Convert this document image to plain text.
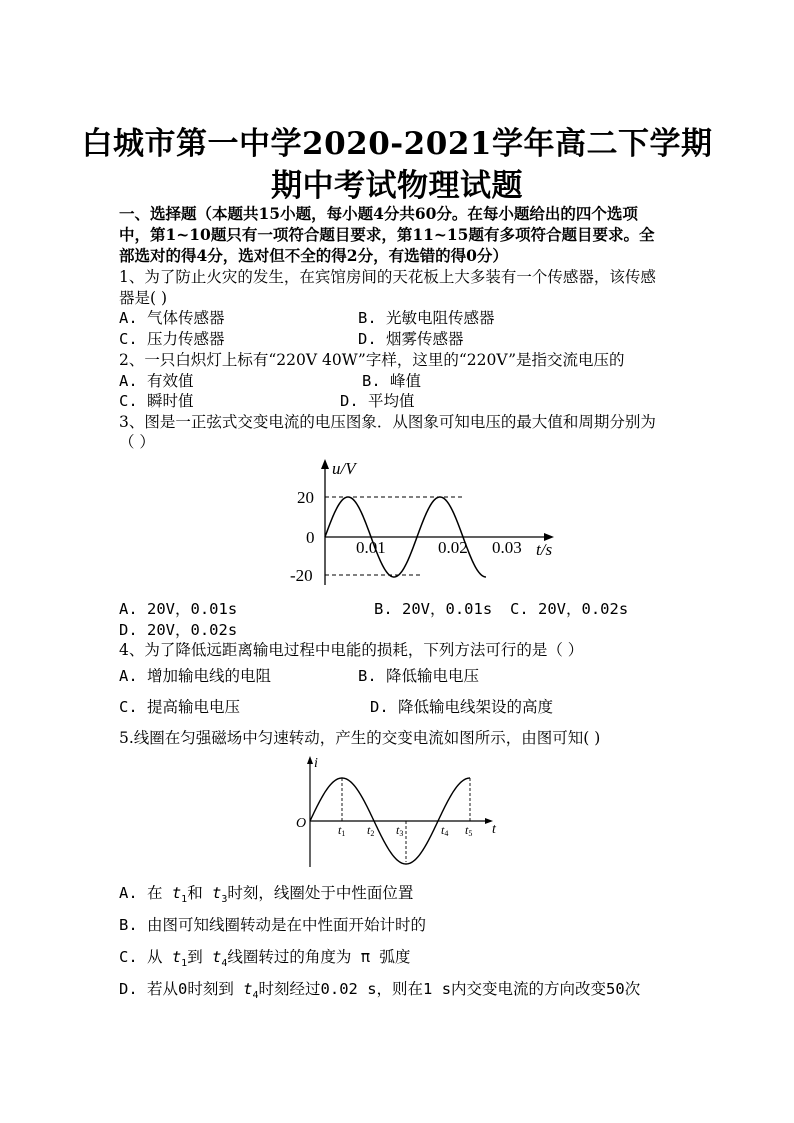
白城市第一中学2020-2021学年高二下学期
期中考试物理试题
一、选择题（本题共15小题，每小题4分共60分。在每小题给出的四个选项
中，第1~10题只有一项符合题目要求，第11~15题有多项符合题目要求。全
部选对的得4分，选对但不全的得2分，有选错的得0分）
1、为了防止火灾的发生，在宾馆房间的天花板上大多装有一个传感器，该传感
器是( )
A. 气体传感器	B. 光敏电阻传感器
C. 压力传感器	D. 烟雾传感器
2、一只白炽灯上标有“220V 40W”字样，这里的“220V”是指交流电压的
A. 有效值	B. 峰值
C. 瞬时值	D. 平均值
3、图是一正弦式交变电流的电压图象．从图象可知电压的最大值和周期分别为
（ ）
u/V
20
0
-20
0.01	0.02 0.03 t/s
A. 20V，0.01s	B. 20V，0.01s C. 20V，0.02s
D. 20V，0.02s
4、为了降低远距离输电过程中电能的损耗，下列方法可行的是（ ）
A. 增加输电线的电阻	B. 降低输电电压
C. 提高输电电压	D. 降低输电线架设的高度
5.线圈在匀强磁场中匀速转动，产生的交变电流如图所示，由图可知( )
i
O	t
t1 t2 t3	t4 t5
A. 在 $t_1$和 $t_3$时刻，线圈处于中性面位置
B. 由图可知线圈转动是在中性面开始计时的
C. 从 $t_1$到 $t_4$线圈转过的角度为 π 弧度
D. 若从0时刻到 $t_4$时刻经过0.02 s，则在1 s内交变电流的方向改变50次
